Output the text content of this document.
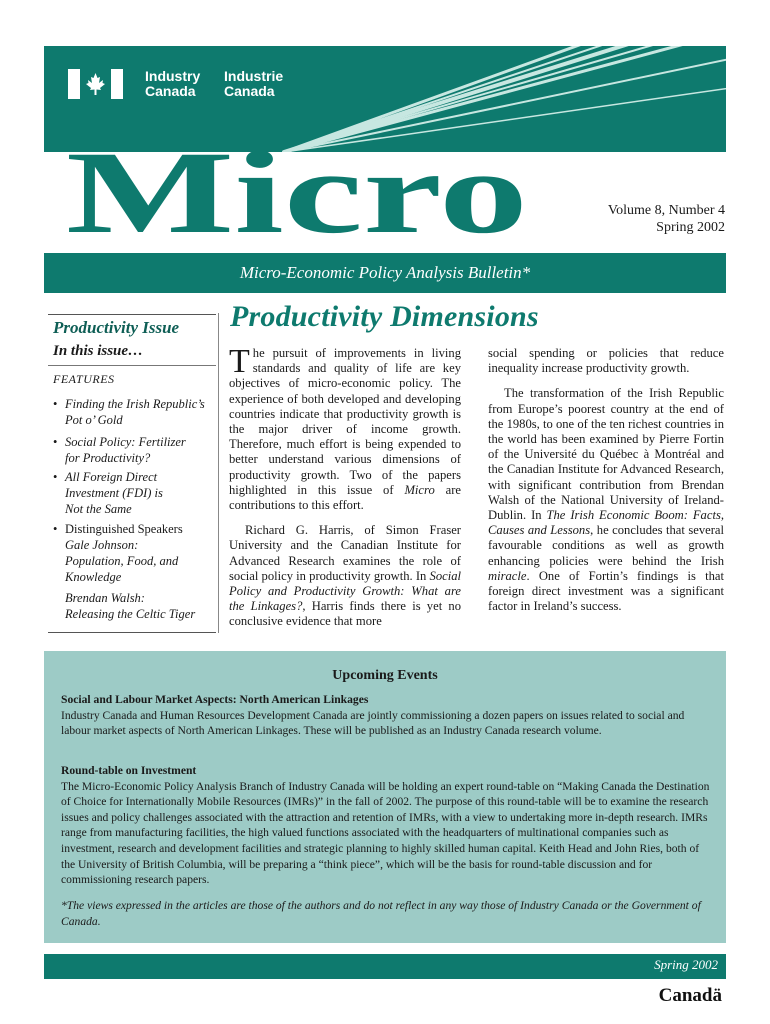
Industry
Canada
Industrie
Canada
Micro	Volume 8, Number 4
Spring 2002
Micro-Economic Policy Analysis Bulletin*
Productivity Issue
In this issue…
FEATURES
• Finding the Irish Republic’s
Pot o’ Gold
• Social Policy: Fertilizer
for Productivity?
• All Foreign Direct
Investment (FDI) is
Not the Same
• Distinguished Speakers
Gale Johnson:
Population, Food, and
Knowledge
Brendan Walsh:
Releasing the Celtic Tiger
Productivity Dimensions

The pursuit of improvements in living standards and quality of life are key objectives of micro-economic policy. The experience of both developed and developing countries indicate that productivity growth is the major driver of income growth. Therefore, much effort is being expended to better understand various dimensions of productivity growth. Two of the papers highlighted in this issue of Micro are contributions to this effort.

Richard G. Harris, of Simon Fraser University and the Canadian Institute for Advanced Research examines the role of social policy in productivity growth. In Social Policy and Productivity Growth: What are the Linkages?, Harris finds there is yet no conclusive evidence that more

social spending or policies that reduce inequality increase productivity growth.

The transformation of the Irish Republic from Europe’s poorest country at the end of the 1980s, to one of the ten richest countries in the world has been examined by Pierre Fortin of the Université du Québec à Montréal and the Canadian Institute for Advanced Research, with significant contribution from Brendan Walsh of the National University of Ireland-Dublin. In The Irish Economic Boom: Facts, Causes and Lessons, he concludes that several favourable conditions as well as growth enhancing policies were behind the Irish miracle. One of Fortin’s findings is that foreign direct investment was a significant factor in Ireland’s success.

Upcoming Events
Social and Labour Market Aspects: North American Linkages
Industry Canada and Human Resources Development Canada are jointly commissioning a dozen papers on issues related to social and labour market aspects of North American Linkages. These will be published as an Industry Canada research volume.
Round-table on Investment
The Micro-Economic Policy Analysis Branch of Industry Canada will be holding an expert round-table on “Making Canada the Destination of Choice for Internationally Mobile Resources (IMRs)” in the fall of 2002. The purpose of this round-table will be to examine the research issues and policy challenges associated with the attraction and retention of IMRs, with a view to undertaking more in-depth research. IMRs range from manufacturing facilities, the high valued functions associated with the headquarters of multinational companies such as investment, research and development facilities and strategic planning to highly skilled human capital. Keith Head and John Ries, both of the University of British Columbia, will be preparing a “think piece”, which will be the basis for round-table discussion and for commissioning research papers.
*The views expressed in the articles are those of the authors and do not reflect in any way those of Industry Canada or the Government of Canada.
Spring 2002
Canadä
